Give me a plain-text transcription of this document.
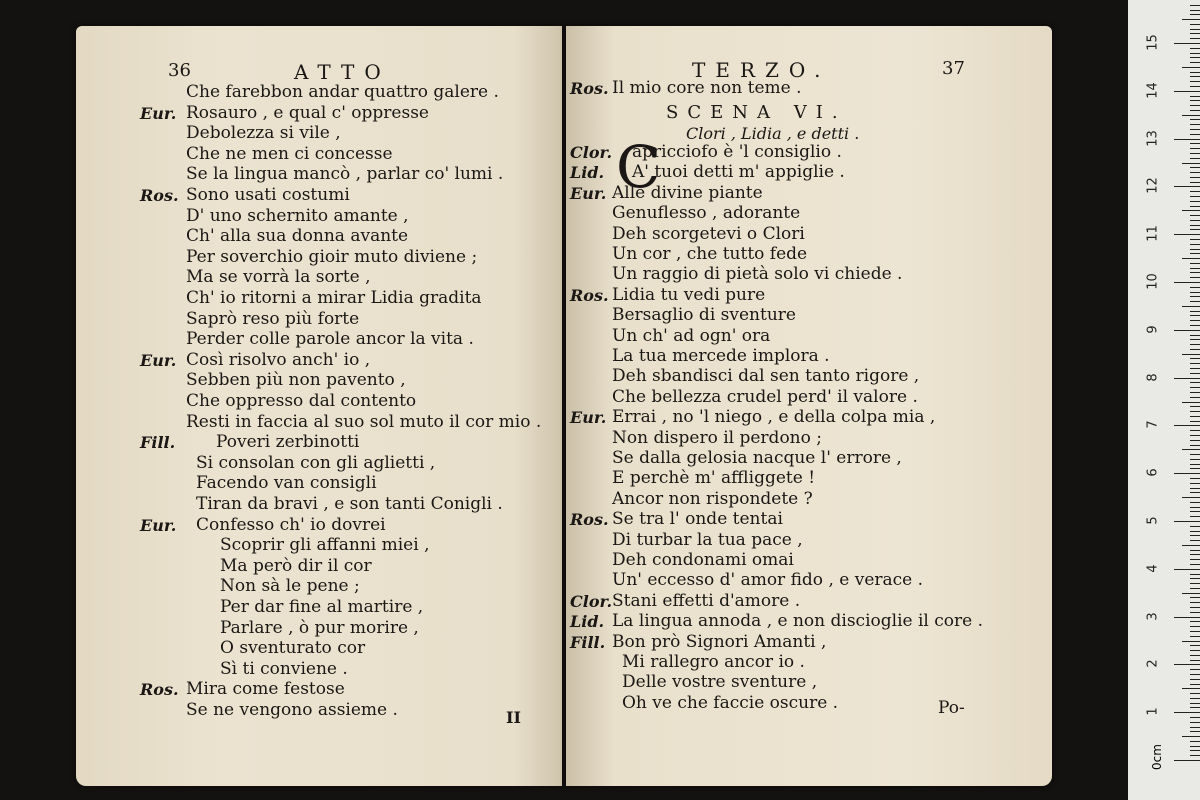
36	ATTO
II
Che farebbon andar quattro galere .
Eur. Rosauro , e qual c' oppresse
Debolezza si vile ,
Che ne men ci concesse
Se la lingua mancò , parlar co' lumi .
Ros. Sono usati costumi
D' uno schernito amante ,
Ch' alla sua donna avante
Per soverchio gioir muto diviene ;
Ma se vorrà la sorte ,
Ch' io ritorni a mirar Lidia gradita
Saprò reso più forte
Perder colle parole ancor la vita .
Eur. Così risolvo anch' io ,
Sebben più non pavento ,
Che oppresso dal contento
Resti in faccia al suo sol muto il cor mio .
Fill. Poveri zerbinotti
Si consolan con gli aglietti ,
Facendo van consigli
Tiran da bravi , e son tanti Conigli .
Eur. Confesso ch' io dovrei
Scoprir gli affanni miei ,
Ma però dir il cor
Non sà le pene ;
Per dar fine al martire ,
Parlare , ò pur morire ,
O sventurato cor
Sì ti conviene .
Ros. Mira come festose
Se ne vengono assieme .
TERZO.	37
SCENA VI.
Clori , Lidia , e detti .
C
Po-
Ros. Il mio core non teme .
Clor. apricciofo è 'l consiglio .
Lid. A' tuoi detti m' appiglie .
Eur. Alle divine piante
Genuflesso , adorante
Deh scorgetevi o Clori
Un cor , che tutto fede
Un raggio di pietà solo vi chiede .
Ros. Lidia tu vedi pure
Bersaglio di sventure
Un ch' ad ogn' ora
La tua mercede implora .
Deh sbandisci dal sen tanto rigore ,
Che bellezza crudel perd' il valore .
Eur. Errai , no 'l niego , e della colpa mia ,
Non dispero il perdono ;
Se dalla gelosia nacque l' errore ,
E perchè m' affliggete !
Ancor non rispondete ?
Ros. Se tra l' onde tentai
Di turbar la tua pace ,
Deh condonami omai
Un' eccesso d' amor fido , e verace .
Clor. Stani effetti d'amore .
Lid. La lingua annoda , e non discioglie il core .
Fill. Bon prò Signori Amanti ,
Mi rallegro ancor io .
Delle vostre sventure ,
Oh ve che faccie oscure .
0cm
1
2
3
4
5
6
7
8
9
10
11
12
13
14
15
